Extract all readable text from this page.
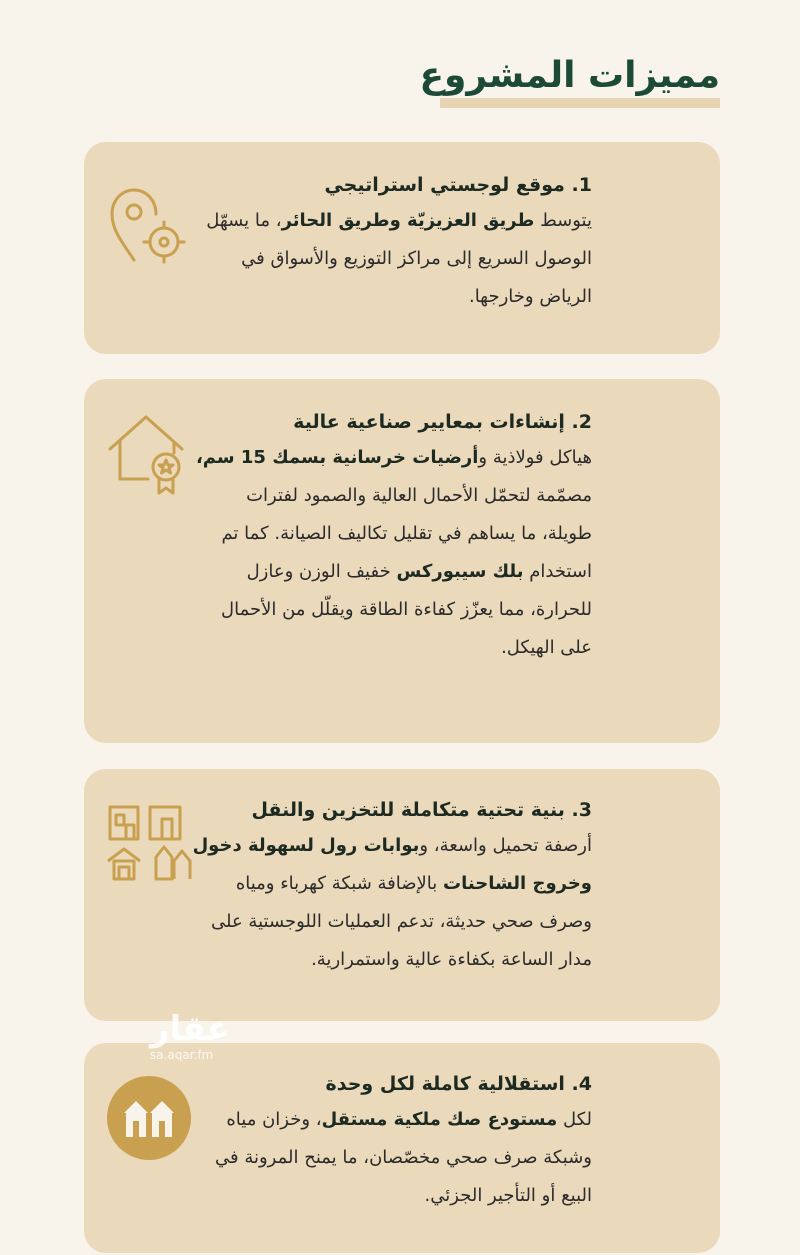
مميزات المشروع
1. موقع لوجستي استراتيجي
يتوسط طريق العزيزيّة وطريق الحائر، ما يسهّل الوصول السريع إلى مراكز التوزيع والأسواق في الرياض وخارجها.
2. إنشاءات بمعايير صناعية عالية
هياكل فولاذية وأرضيات خرسانية بسمك 15 سم، مصمّمة لتحمّل الأحمال العالية والصمود لفترات طويلة، ما يساهم في تقليل تكاليف الصيانة. كما تم استخدام بلك سيبوركس خفيف الوزن وعازل للحرارة، مما يعزّز كفاءة الطاقة ويقلّل من الأحمال على الهيكل.
3. بنية تحتية متكاملة للتخزين والنقل
أرصفة تحميل واسعة، وبوابات رول لسهولة دخول وخروج الشاحنات بالإضافة شبكة كهرباء ومياه وصرف صحي حديثة، تدعم العمليات اللوجستية على مدار الساعة بكفاءة عالية واستمرارية.
4. استقلالية كاملة لكل وحدة
لكل مستودع صك ملكية مستقل، وخزان مياه وشبكة صرف صحي مخصّصان، ما يمنح المرونة في البيع أو التأجير الجزئي.
عقار
sa.aqar.fm
